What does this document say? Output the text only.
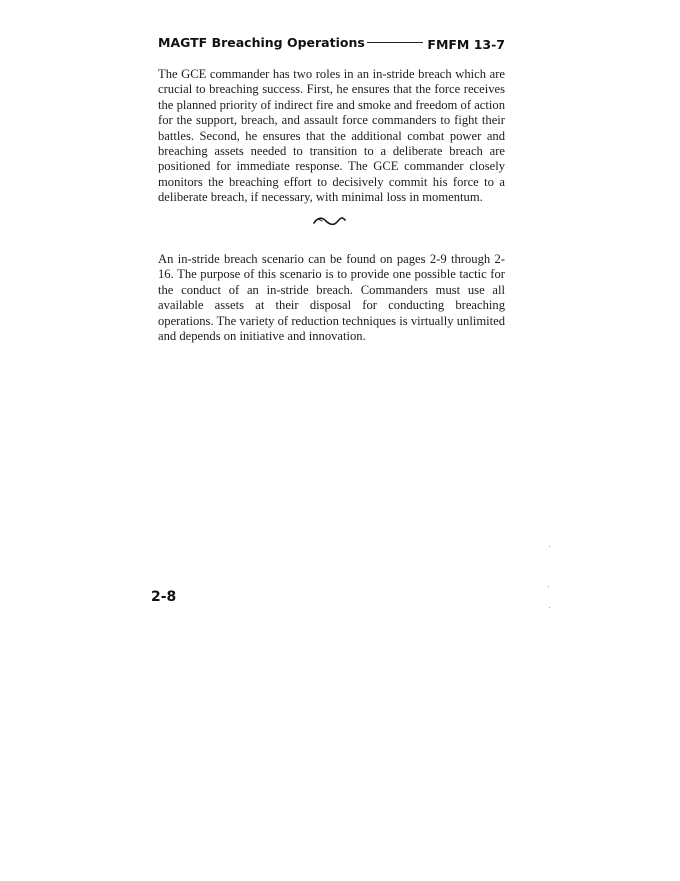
MAGTF Breaching Operations	FMFM 13-7

The GCE commander has two roles in an in-stride breach which are crucial to breaching success. First, he ensures that the force receives the planned priority of indirect fire and smoke and freedom of action for the support, breach, and assault force commanders to fight their battles. Second, he ensures that the additional combat power and breaching assets needed to transition to a deliberate breach are positioned for immediate response. The GCE commander closely monitors the breaching effort to decisively commit his force to a deliberate breach, if necessary, with minimal loss in momentum.

An in-stride breach scenario can be found on pages 2-9 through 2-16. The purpose of this scenario is to provide one possible tactic for the conduct of an in-stride breach. Commanders must use all available assets at their disposal for conducting breaching operations. The variety of reduction techniques is virtually unlimited and depends on initiative and innovation.

2-8
